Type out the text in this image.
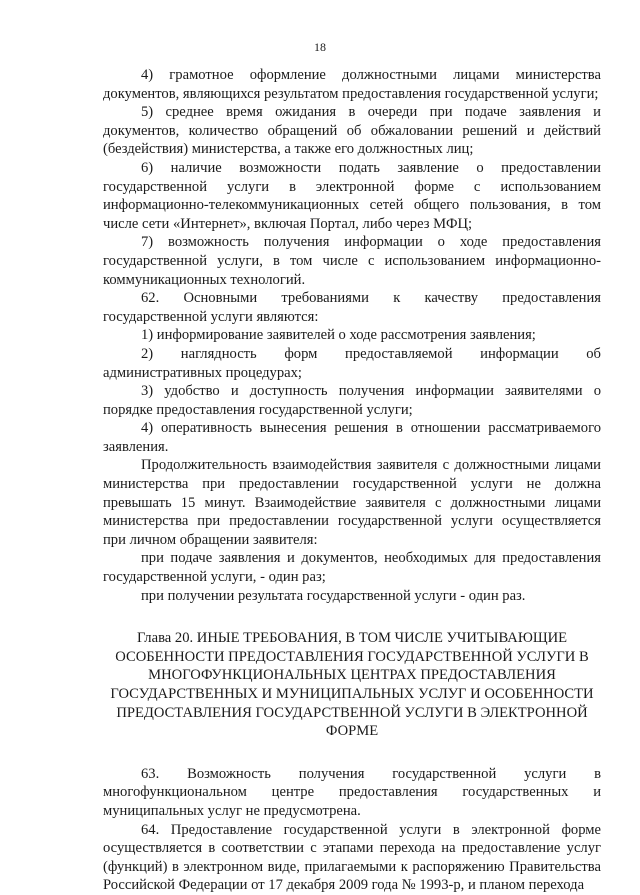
18

4) грамотное оформление должностными лицами министерства документов, являющихся результатом предоставления государственной услуги;

5) среднее время ожидания в очереди при подаче заявления и документов, количество обращений об обжаловании решений и действий (бездействия) министерства, а также его должностных лиц;

6) наличие возможности подать заявление о предоставлении государственной услуги в электронной форме с использованием информационно-телекоммуникационных сетей общего пользования, в том числе сети «Интернет», включая Портал, либо через МФЦ;

7) возможность получения информации о ходе предоставления государственной услуги, в том числе с использованием информационно-коммуникационных технологий.

62. Основными требованиями к качеству предоставления государственной услуги являются:

1) информирование заявителей о ходе рассмотрения заявления;

2) наглядность форм предоставляемой информации об административных процедурах;

3) удобство и доступность получения информации заявителями о порядке предоставления государственной услуги;

4) оперативность вынесения решения в отношении рассматриваемого заявления.

Продолжительность взаимодействия заявителя с должностными лицами министерства при предоставлении государственной услуги не должна превышать 15 минут. Взаимодействие заявителя с должностными лицами министерства при предоставлении государственной услуги осуществляется при личном обращении заявителя:

при подаче заявления и документов, необходимых для предоставления государственной услуги, - один раз;

при получении результата государственной услуги - один раз.

Глава 20. ИНЫЕ ТРЕБОВАНИЯ, В ТОМ ЧИСЛЕ УЧИТЫВАЮЩИЕ ОСОБЕННОСТИ ПРЕДОСТАВЛЕНИЯ ГОСУДАРСТВЕННОЙ УСЛУГИ В МНОГОФУНКЦИОНАЛЬНЫХ ЦЕНТРАХ ПРЕДОСТАВЛЕНИЯ ГОСУДАРСТВЕННЫХ И МУНИЦИПАЛЬНЫХ УСЛУГ И ОСОБЕННОСТИ ПРЕДОСТАВЛЕНИЯ ГОСУДАРСТВЕННОЙ УСЛУГИ В ЭЛЕКТРОННОЙ ФОРМЕ

63. Возможность получения государственной услуги в многофункциональном центре предоставления государственных и муниципальных услуг не предусмотрена.

64. Предоставление государственной услуги в электронной форме осуществляется в соответствии с этапами перехода на предоставление услуг (функций) в электронном виде, прилагаемыми к распоряжению Правительства Российской Федерации от 17 декабря 2009 года № 1993-р, и планом перехода
